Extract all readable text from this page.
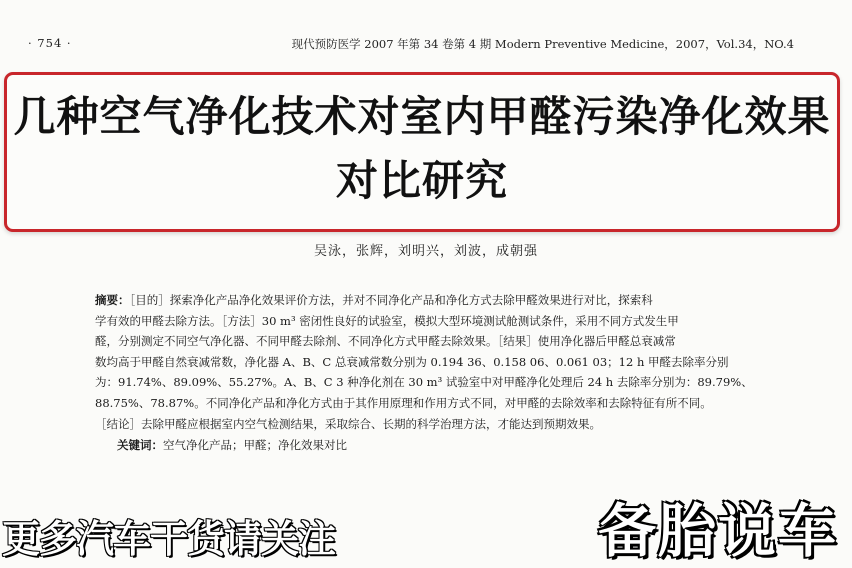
· 754 ·	现代预防医学 2007 年第 34 卷第 4 期 Modern Preventive Medicine，2007，Vol.34，NO.4
几种空气净化技术对室内甲醛污染净化效果
对比研究
吴泳，张辉，刘明兴，刘波，成朝强
摘要：［目的］探索净化产品净化效果评价方法，并对不同净化产品和净化方式去除甲醛效果进行对比，探索科
学有效的甲醛去除方法。［方法］30 m³ 密闭性良好的试验室，模拟大型环境测试舱测试条件，采用不同方式发生甲
醛，分别测定不同空气净化器、不同甲醛去除剂、不同净化方式甲醛去除效果。［结果］使用净化器后甲醛总衰减常
数均高于甲醛自然衰减常数，净化器 A、B、C 总衰减常数分别为 0.194 36、0.158 06、0.061 03；12 h 甲醛去除率分别
为：91.74%、89.09%、55.27%。A、B、C 3 种净化剂在 30 m³ 试验室中对甲醛净化处理后 24 h 去除率分别为：89.79%、
88.75%、78.87%。不同净化产品和净化方式由于其作用原理和作用方式不同，对甲醛的去除效率和去除特征有所不同。
［结论］去除甲醛应根据室内空气检测结果，采取综合、长期的科学治理方法，才能达到预期效果。
关键词：空气净化产品；甲醛；净化效果对比
更多汽车干货请关注	备胎说车
